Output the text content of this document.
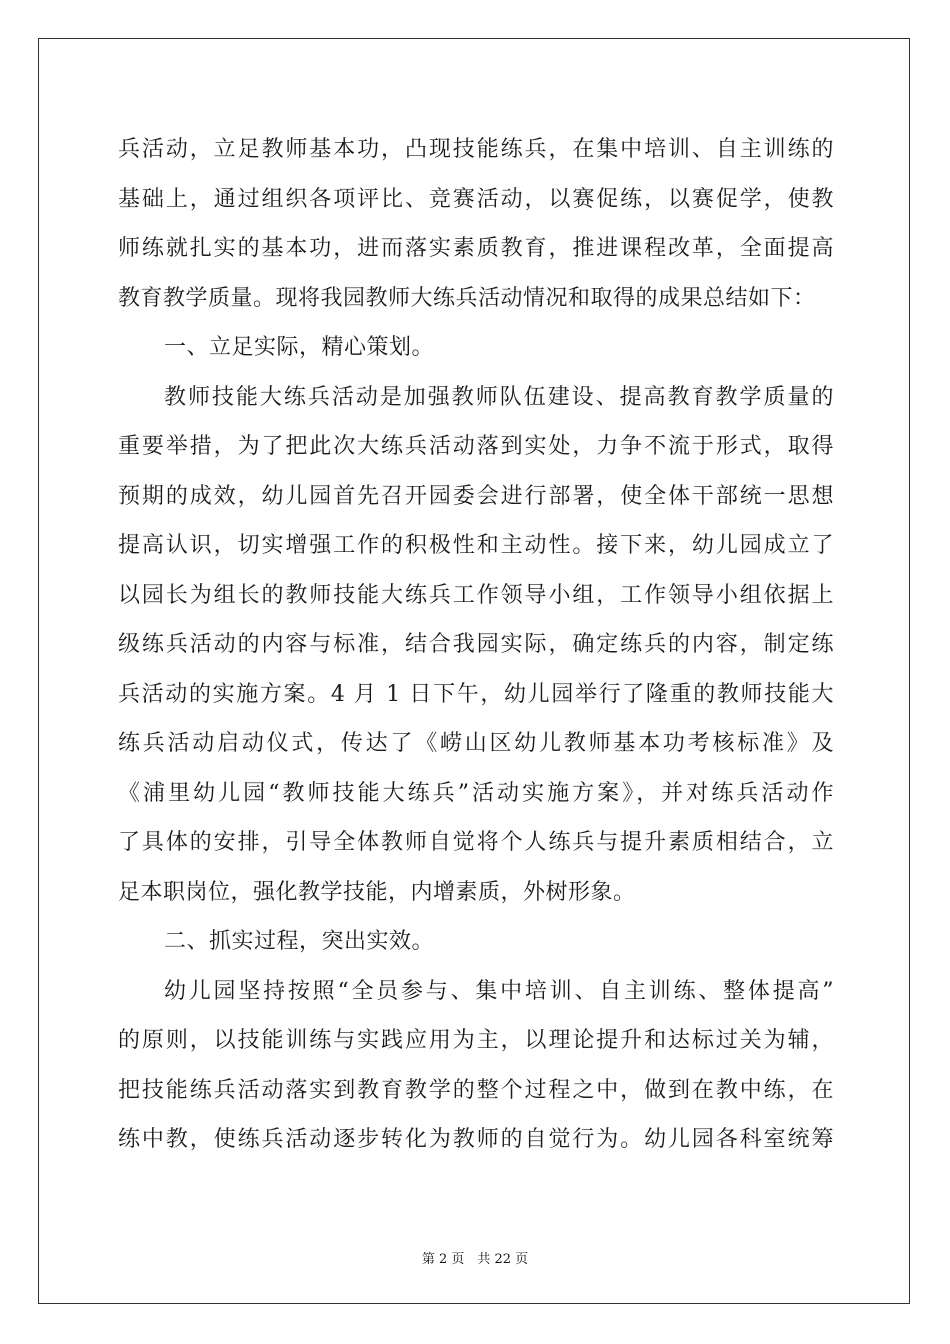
兵活动，立足教师基本功，凸现技能练兵，在集中培训、自主训练的
基础上，通过组织各项评比、竞赛活动，以赛促练，以赛促学，使教
师练就扎实的基本功，进而落实素质教育，推进课程改革，全面提高
教育教学质量。现将我园教师大练兵活动情况和取得的成果总结如下：
一、立足实际，精心策划。
教师技能大练兵活动是加强教师队伍建设、提高教育教学质量的
重要举措，为了把此次大练兵活动落到实处，力争不流于形式，取得
预期的成效，幼儿园首先召开园委会进行部署，使全体干部统一思想
提高认识，切实增强工作的积极性和主动性。接下来，幼儿园成立了
以园长为组长的教师技能大练兵工作领导小组，工作领导小组依据上
级练兵活动的内容与标准，结合我园实际，确定练兵的内容，制定练
兵活动的实施方案。4 月 1 日下午，幼儿园举行了隆重的教师技能大
练兵活动启动仪式，传达了《崂山区幼儿教师基本功考核标准》及
《浦里幼儿园“教师技能大练兵”活动实施方案》，并对练兵活动作
了具体的安排，引导全体教师自觉将个人练兵与提升素质相结合，立
足本职岗位，强化教学技能，内增素质，外树形象。
二、抓实过程，突出实效。
幼儿园坚持按照“全员参与、集中培训、自主训练、整体提高”
的原则，以技能训练与实践应用为主，以理论提升和达标过关为辅，
把技能练兵活动落实到教育教学的整个过程之中，做到在教中练，在
练中教，使练兵活动逐步转化为教师的自觉行为。幼儿园各科室统筹
第 2 页　共 22 页
